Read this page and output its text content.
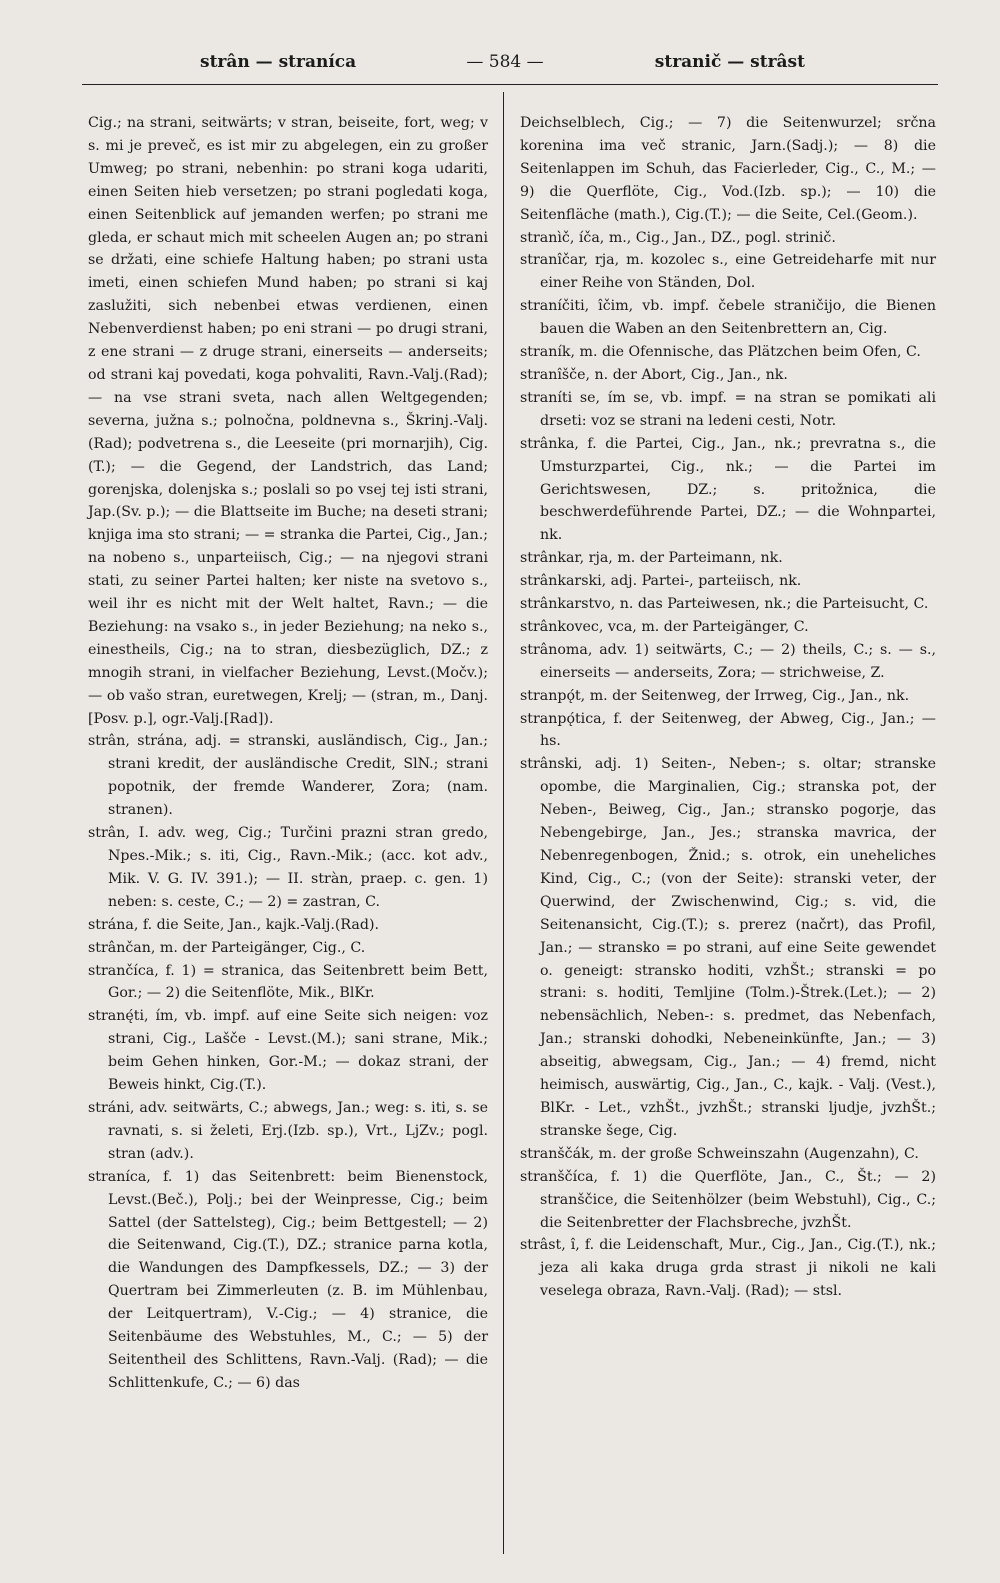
strân — straníca	— 584 —	stranič — strâst

Cig.; na strani, seitwärts; v stran, beiseite, fort, weg; v s. mi je preveč, es ist mir zu abgelegen, ein zu großer Umweg; po strani, nebenhin: po strani koga udariti, einen Seiten hieb versetzen; po strani pogledati koga, einen Seitenblick auf jemanden werfen; po strani me gleda, er schaut mich mit scheelen Augen an; po strani se držati, eine schiefe Haltung haben; po strani usta imeti, einen schiefen Mund haben; po strani si kaj zaslužiti, sich nebenbei etwas verdienen, einen Nebenverdienst haben; po eni strani — po drugi strani, z ene strani — z druge strani, einerseits — anderseits; od strani kaj povedati, koga pohvaliti, Ravn.-Valj.(Rad); — na vse strani sveta, nach allen Weltgegenden; severna, južna s.; polnočna, poldnevna s., Škrinj.-Valj. (Rad); podvetrena s., die Leeseite (pri mornarjih), Cig.(T.); — die Gegend, der Landstrich, das Land; gorenjska, dolenjska s.; poslali so po vsej tej isti strani, Jap.(Sv. p.); — die Blattseite im Buche; na deseti strani; knjiga ima sto strani; — = stranka die Partei, Cig., Jan.; na nobeno s., unparteiisch, Cig.; — na njegovi strani stati, zu seiner Partei halten; ker niste na svetovo s., weil ihr es nicht mit der Welt haltet, Ravn.; — die Beziehung: na vsako s., in jeder Beziehung; na neko s., einestheils, Cig.; na to stran, diesbezüglich, DZ.; z mnogih strani, in vielfacher Beziehung, Levst.(Močv.); — ob vašo stran, euretwegen, Krelj; — (stran, m., Danj.[Posv. p.], ogr.-Valj.[Rad]).

strân, strána, adj. = stranski, ausländisch, Cig., Jan.; strani kredit, der ausländische Credit, SlN.; strani popotnik, der fremde Wanderer, Zora; (nam. stranen).

strân, I. adv. weg, Cig.; Turčini prazni stran gredo, Npes.-Mik.; s. iti, Cig., Ravn.-Mik.; (acc. kot adv., Mik. V. G. IV. 391.); — II. stràn, praep. c. gen. 1) neben: s. ceste, C.; — 2) = zastran, C.

strána, f. die Seite, Jan., kajk.-Valj.(Rad).

strânčan, m. der Parteigänger, Cig., C.

strančíca, f. 1) = stranica, das Seitenbrett beim Bett, Gor.; — 2) die Seitenflöte, Mik., BlKr.

stranę́ti, ím, vb. impf. auf eine Seite sich neigen: voz strani, Cig., Lašče - Levst.(M.); sani strane, Mik.; beim Gehen hinken, Gor.-M.; — dokaz strani, der Beweis hinkt, Cig.(T.).

stráni, adv. seitwärts, C.; abwegs, Jan.; weg: s. iti, s. se ravnati, s. si želeti, Erj.(Izb. sp.), Vrt., LjZv.; pogl. stran (adv.).

straníca, f. 1) das Seitenbrett: beim Bienenstock, Levst.(Beč.), Polj.; bei der Weinpresse, Cig.; beim Sattel (der Sattelsteg), Cig.; beim Bettgestell; — 2) die Seitenwand, Cig.(T.), DZ.; stranice parna kotla, die Wandungen des Dampfkessels, DZ.; — 3) der Quertram bei Zimmerleuten (z. B. im Mühlenbau, der Leitquertram), V.-Cig.; — 4) stranice, die Seitenbäume des Webstuhles, M., C.; — 5) der Seitentheil des Schlittens, Ravn.-Valj. (Rad); — die Schlittenkufe, C.; — 6) das

Deichselblech, Cig.; — 7) die Seitenwurzel; srčna korenina ima več stranic, Jarn.(Sadj.); — 8) die Seitenlappen im Schuh, das Facierleder, Cig., C., M.; — 9) die Querflöte, Cig., Vod.(Izb. sp.); — 10) die Seitenfläche (math.), Cig.(T.); — die Seite, Cel.(Geom.).

stranìč, íča, m., Cig., Jan., DZ., pogl. strinič.

stranîčar, rja, m. kozolec s., eine Getreideharfe mit nur einer Reihe von Ständen, Dol.

straníčiti, îčim, vb. impf. čebele straničijo, die Bienen bauen die Waben an den Seitenbrettern an, Cig.

straník, m. die Ofennische, das Plätzchen beim Ofen, C.

stranîšče, n. der Abort, Cig., Jan., nk.

straníti se, ím se, vb. impf. = na stran se pomikati ali drseti: voz se strani na ledeni cesti, Notr.

strânka, f. die Partei, Cig., Jan., nk.; prevratna s., die Umsturzpartei, Cig., nk.; — die Partei im Gerichtswesen, DZ.; s. pritožnica, die beschwerdeführende Partei, DZ.; — die Wohnpartei, nk.

strânkar, rja, m. der Parteimann, nk.

strânkarski, adj. Partei-, parteiisch, nk.

strânkarstvo, n. das Parteiwesen, nk.; die Parteisucht, C.

strânkovec, vca, m. der Parteigänger, C.

strânoma, adv. 1) seitwärts, C.; — 2) theils, C.; s. — s., einerseits — anderseits, Zora; — strichweise, Z.

stranpǫ́t, m. der Seitenweg, der Irrweg, Cig., Jan., nk.

stranpǫ́tica, f. der Seitenweg, der Abweg, Cig., Jan.; — hs.

strânski, adj. 1) Seiten-, Neben-; s. oltar; stranske opombe, die Marginalien, Cig.; stranska pot, der Neben-, Beiweg, Cig., Jan.; stransko pogorje, das Nebengebirge, Jan., Jes.; stranska mavrica, der Nebenregenbogen, Žnid.; s. otrok, ein uneheliches Kind, Cig., C.; (von der Seite): stranski veter, der Querwind, der Zwischenwind, Cig.; s. vid, die Seitenansicht, Cig.(T.); s. prerez (načrt), das Profil, Jan.; — stransko = po strani, auf eine Seite gewendet o. geneigt: stransko hoditi, vzhŠt.; stranski = po strani: s. hoditi, Temljine (Tolm.)-Štrek.(Let.); — 2) nebensächlich, Neben-: s. predmet, das Nebenfach, Jan.; stranski dohodki, Nebeneinkünfte, Jan.; — 3) abseitig, abwegsam, Cig., Jan.; — 4) fremd, nicht heimisch, auswärtig, Cig., Jan., C., kajk. - Valj. (Vest.), BlKr. - Let., vzhŠt., jvzhŠt.; stranski ljudje, jvzhŠt.; stranske šege, Cig.

stranščák, m. der große Schweinszahn (Augenzahn), C.

stranščíca, f. 1) die Querflöte, Jan., C., Št.; — 2) stranščice, die Seitenhölzer (beim Webstuhl), Cig., C.; die Seitenbretter der Flachsbreche, jvzhŠt.

strâst, î, f. die Leidenschaft, Mur., Cig., Jan., Cig.(T.), nk.; jeza ali kaka druga grda strast ji nikoli ne kali veselega obraza, Ravn.-Valj. (Rad); — stsl.
